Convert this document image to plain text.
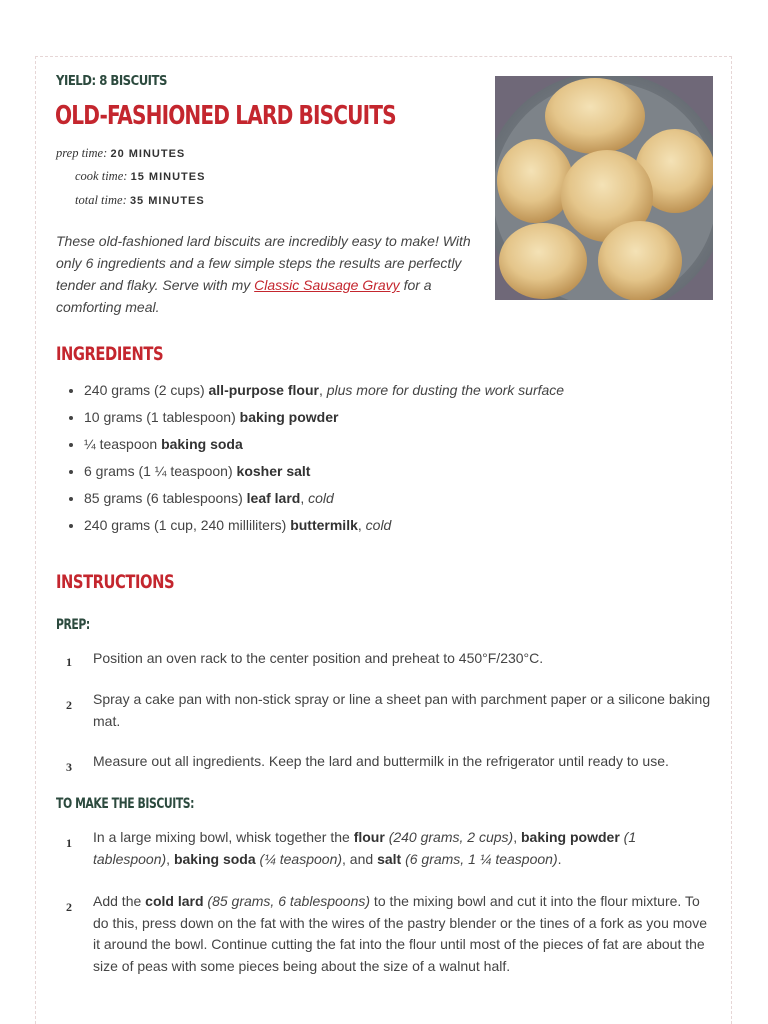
YIELD: 8 BISCUITS
OLD-FASHIONED LARD BISCUITS
prep time: 20 MINUTES
cook time: 15 MINUTES
total time: 35 MINUTES
These old-fashioned lard biscuits are incredibly easy to make! With only 6 ingredients and a few simple steps the results are perfectly tender and flaky. Serve with my Classic Sausage Gravy for a comforting meal.
INGREDIENTS
• 240 grams (2 cups) all-purpose flour, plus more for dusting the work surface
• 10 grams (1 tablespoon) baking powder
• ¼ teaspoon baking soda
• 6 grams (1 ¼ teaspoon) kosher salt
• 85 grams (6 tablespoons) leaf lard, cold
• 240 grams (1 cup, 240 milliliters) buttermilk, cold
INSTRUCTIONS
PREP:
1 Position an oven rack to the center position and preheat to 450°F/230°C.
2 Spray a cake pan with non-stick spray or line a sheet pan with parchment paper or a silicone baking mat.
3 Measure out all ingredients. Keep the lard and buttermilk in the refrigerator until ready to use.
TO MAKE THE BISCUITS:
1 In a large mixing bowl, whisk together the flour (240 grams, 2 cups), baking powder (1 tablespoon), baking soda (¼ teaspoon), and salt (6 grams, 1 ¼ teaspoon).
2 Add the cold lard (85 grams, 6 tablespoons) to the mixing bowl and cut it into the flour mixture. To do this, press down on the fat with the wires of the pastry blender or the tines of a fork as you move it around the bowl. Continue cutting the fat into the flour until most of the pieces of fat are about the size of peas with some pieces being about the size of a walnut half.
